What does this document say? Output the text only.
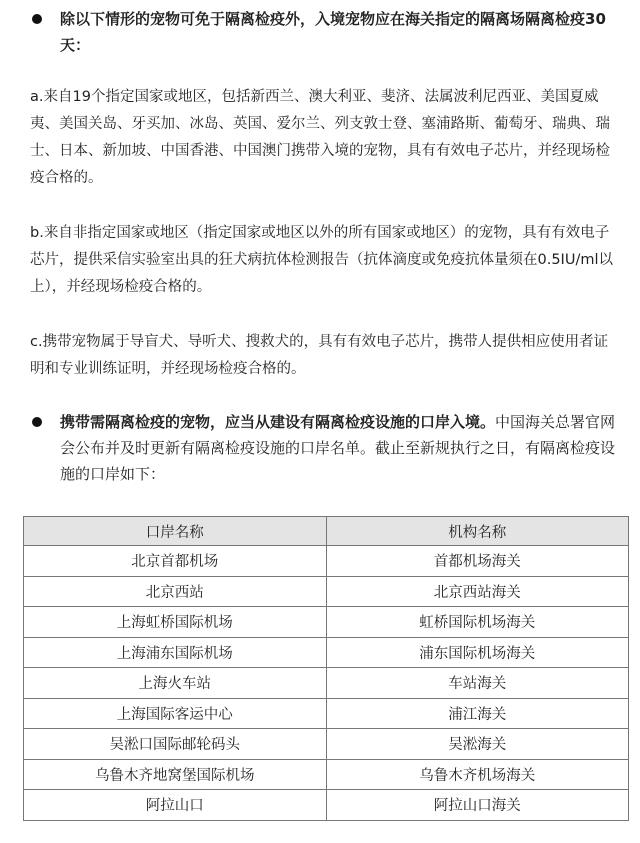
除以下情形的宠物可免于隔离检疫外，入境宠物应在海关指定的隔离场隔离检疫30天：

a.来自19个指定国家或地区，包括新西兰、澳大利亚、斐济、法属波利尼西亚、美国夏威夷、美国关岛、牙买加、冰岛、英国、爱尔兰、列支敦士登、塞浦路斯、葡萄牙、瑞典、瑞士、日本、新加坡、中国香港、中国澳门携带入境的宠物，具有有效电子芯片，并经现场检疫合格的。

b.来自非指定国家或地区（指定国家或地区以外的所有国家或地区）的宠物，具有有效电子芯片，提供采信实验室出具的狂犬病抗体检测报告（抗体滴度或免疫抗体量须在0.5IU/ml以上），并经现场检疫合格的。

c.携带宠物属于导盲犬、导听犬、搜救犬的，具有有效电子芯片，携带人提供相应使用者证明和专业训练证明，并经现场检疫合格的。

携带需隔离检疫的宠物，应当从建设有隔离检疫设施的口岸入境。中国海关总署官网会公布并及时更新有隔离检疫设施的口岸名单。截止至新规执行之日，有隔离检疫设施的口岸如下：
口岸名称	机构名称
北京首都机场	首都机场海关
北京西站	北京西站海关
上海虹桥国际机场	虹桥国际机场海关
上海浦东国际机场	浦东国际机场海关
上海火车站	车站海关
上海国际客运中心	浦江海关
吴淞口国际邮轮码头	吴淞海关
乌鲁木齐地窝堡国际机场	乌鲁木齐机场海关
阿拉山口	阿拉山口海关
